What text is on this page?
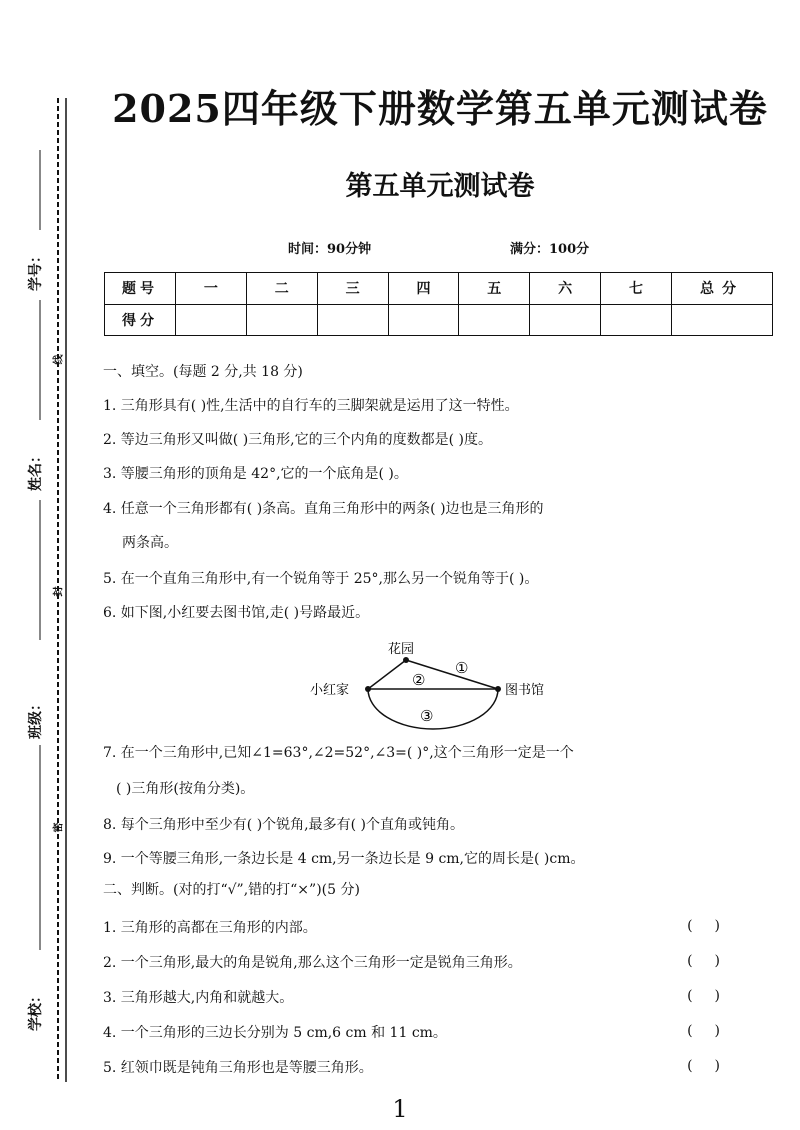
学号：
姓名：
班级：
学校：
线
封
密
2025四年级下册数学第五单元测试卷
第五单元测试卷
时间：90分钟	满分：100分
题号	一	二	三	四	五	六	七	总分
得分								
一、填空。(每题 2 分,共 18 分)
1. 三角形具有( )性,生活中的自行车的三脚架就是运用了这一特性。
2. 等边三角形又叫做( )三角形,它的三个内角的度数都是( )度。
3. 等腰三角形的顶角是 42°,它的一个底角是( )。
4. 任意一个三角形都有( )条高。直角三角形中的两条( )边也是三角形的
两条高。
5. 在一个直角三角形中,有一个锐角等于 25°,那么另一个锐角等于( )。
6. 如下图,小红要去图书馆,走( )号路最近。
花园
小红家	图书馆
①
②
③
7. 在一个三角形中,已知∠1=63°,∠2=52°,∠3=( )°,这个三角形一定是一个
( )三角形(按角分类)。
8. 每个三角形中至少有( )个锐角,最多有( )个直角或钝角。
9. 一个等腰三角形,一条边长是 4 cm,另一条边长是 9 cm,它的周长是( )cm。
二、判断。(对的打“√”,错的打“×”)(5 分)
1. 三角形的高都在三角形的内部。	()
2. 一个三角形,最大的角是锐角,那么这个三角形一定是锐角三角形。	()
3. 三角形越大,内角和就越大。	()
4. 一个三角形的三边长分别为 5 cm,6 cm 和 11 cm。	()
5. 红领巾既是钝角三角形也是等腰三角形。	()
1
